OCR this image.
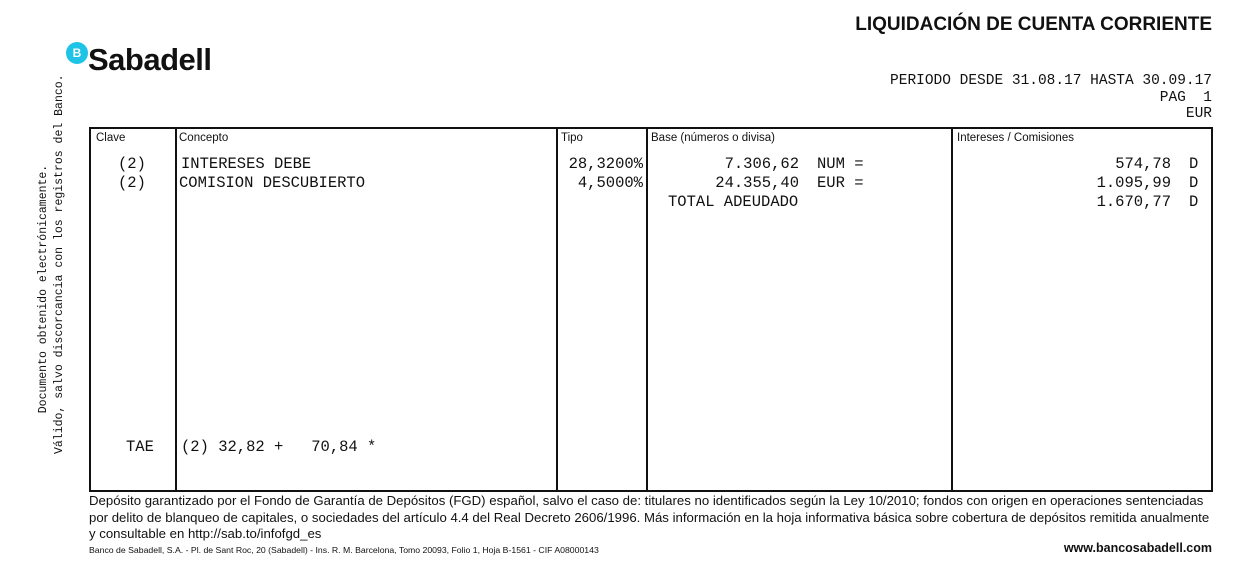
B Sabadell
LIQUIDACIÓN DE CUENTA CORRIENTE
PERIODO DESDE 31.08.17 HASTA 30.09.17
PAG  1
EUR
Documento obtenido electrónicamente. Válido, salvo discorcancia con los registros del Banco.	Clave	Concepto	Tipo	Base (números o divisa)	Intereses / Comisiones
(2) INTERESES DEBE	28,3200%	7.306,62 NUM =	574,78 D
(2) COMISION DESCUBIERTO	4,5000%	24.355,40 EUR =	1.095,99 D
TOTAL ADEUDADO	1.670,77 D
TAE (2) 32,82 +   70,84 *
Depósito garantizado por el Fondo de Garantía de Depósitos (FGD) español, salvo el caso de: titulares no identificados según la Ley 10/2010; fondos con origen en operaciones sentenciadas por delito de blanqueo de capitales, o sociedades del artículo 4.4 del Real Decreto 2606/1996. Más información en la hoja informativa básica sobre cobertura de depósitos remitida anualmente y consultable en http://sab.to/infofgd_es
Banco de Sabadell, S.A. - Pl. de Sant Roc, 20 (Sabadell) - Ins. R. M. Barcelona, Tomo 20093, Folio 1, Hoja B-1561 - CIF A08000143	www.bancosabadell.com
